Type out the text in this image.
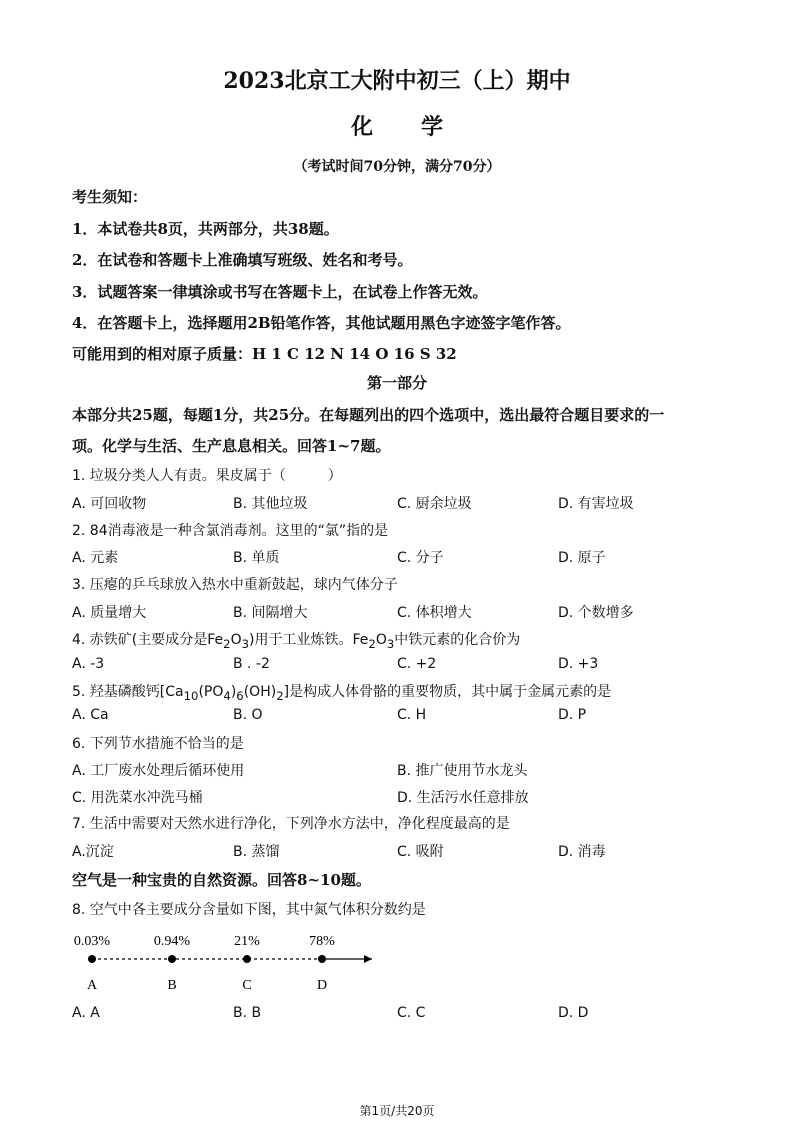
2023北京工大附中初三（上）期中
化 学
（考试时间70分钟，满分70分）
考生须知：
1．本试卷共8页，共两部分，共38题。
2．在试卷和答题卡上准确填写班级、姓名和考号。
3．试题答案一律填涂或书写在答题卡上，在试卷上作答无效。
4．在答题卡上，选择题用2B铅笔作答，其他试题用黑色字迹签字笔作答。
可能用到的相对原子质量：H 1 C 12 N 14 O 16 S 32
第一部分
本部分共25题，每题1分，共25分。在每题列出的四个选项中，选出最符合题目要求的一
项。化学与生活、生产息息相关。回答1~7题。
1. 垃圾分类人人有责。果皮属于（　　　）
A. 可回收物	B. 其他垃圾	C. 厨余垃圾	D. 有害垃圾
2. 84消毒液是一种含氯消毒剂。这里的“氯”指的是
A. 元素	B. 单质	C. 分子	D. 原子
3. 压瘪的乒乓球放入热水中重新鼓起，球内气体分子
A. 质量增大	B. 间隔增大	C. 体积增大	D. 个数增多
4. 赤铁矿(主要成分是$Fe_2O_3$)用于工业炼铁。$Fe_2O_3$中铁元素的化合价为
A. -3	B . -2	C. +2	D. +3
5. 羟基磷酸钙$[Ca_{10}(PO_4)_6(OH)_2]$是构成人体骨骼的重要物质，其中属于金属元素的是
A. Ca	B. O	C. H	D. P
6. 下列节水措施不恰当的是
A. 工厂废水处理后循环使用	B. 推广使用节水龙头
C. 用洗菜水冲洗马桶	D. 生活污水任意排放
7. 生活中需要对天然水进行净化，下列净水方法中，净化程度最高的是
A.沉淀	B. 蒸馏	C. 吸附	D. 消毒
空气是一种宝贵的自然资源。回答8~10题。
8. 空气中各主要成分含量如下图，其中氮气体积分数约是
0.03%
A
0.94%
B
21%
C
78%
D
A. A	B. B	C. C	D. D
第1页/共20页
